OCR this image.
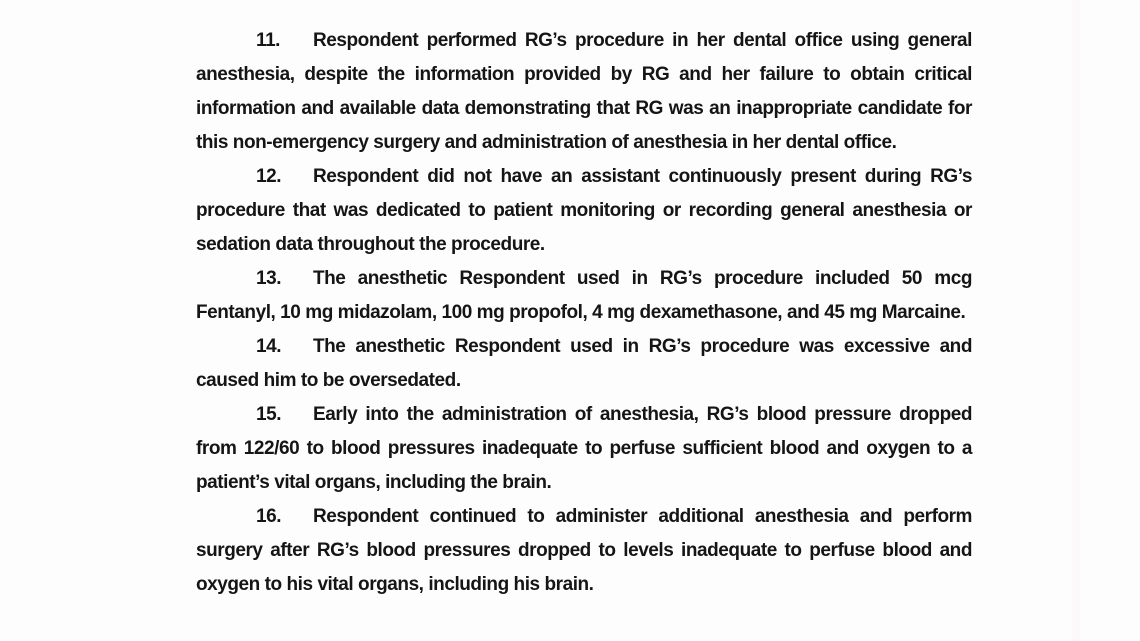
11. Respondent performed RG’s procedure in her dental office using general anesthesia, despite the information provided by RG and her failure to obtain critical information and available data demonstrating that RG was an inappropriate candidate for this non-emergency surgery and administration of anesthesia in her dental office.

12. Respondent did not have an assistant continuously present during RG’s procedure that was dedicated to patient monitoring or recording general anesthesia or sedation data throughout the procedure.

13. The anesthetic Respondent used in RG’s procedure included 50 mcg Fentanyl, 10 mg midazolam, 100 mg propofol, 4 mg dexamethasone, and 45 mg Marcaine.

14. The anesthetic Respondent used in RG’s procedure was excessive and caused him to be oversedated.

15. Early into the administration of anesthesia, RG’s blood pressure dropped from 122/60 to blood pressures inadequate to perfuse sufficient blood and oxygen to a patient’s vital organs, including the brain.

16. Respondent continued to administer additional anesthesia and perform surgery after RG’s blood pressures dropped to levels inadequate to perfuse blood and oxygen to his vital organs, including his brain.
